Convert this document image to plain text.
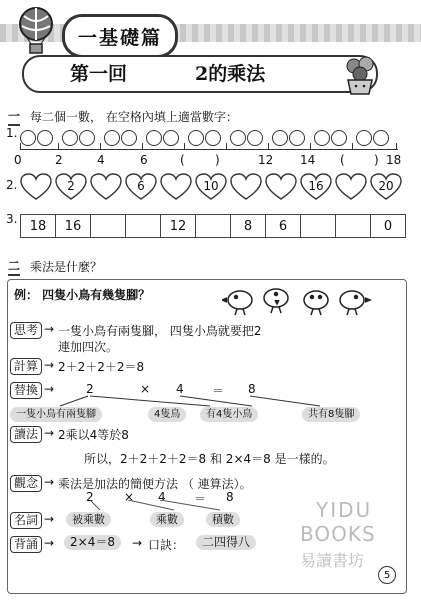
一基礎篇
第一回	2的乘法
一 每二個一數， 在空格內填上適當數字：
1.
0	2	4	6	(	)	12 14 ( ) 18
2.	2	6	10	16	20
3. 18	16	12	8	6	0
二 乘法是什麼？
例： 四隻小鳥有幾隻腳？
思考 → 一隻小鳥有兩隻腳， 四隻小鳥就要把2
連加四次。
計算 → 2＋2＋2＋2＝8
替換 →	2	× 4 ＝ 8
一隻小鳥有兩隻腳	4隻鳥	有4隻小鳥	共有8隻腳
讀法 → 2乘以4等於8
所以，2＋2＋2＋2＝8 和 2×4＝8 是一樣的。
觀念 → 乘法是加法的簡便方法 （ 連算法）。
2	× 4 ＝ 8
名詞 →	被乘數	乘數	積數
背誦 →	2×4＝8	→ 口訣：	二四得八
YIDU
BOOKS
易讀書坊
5
